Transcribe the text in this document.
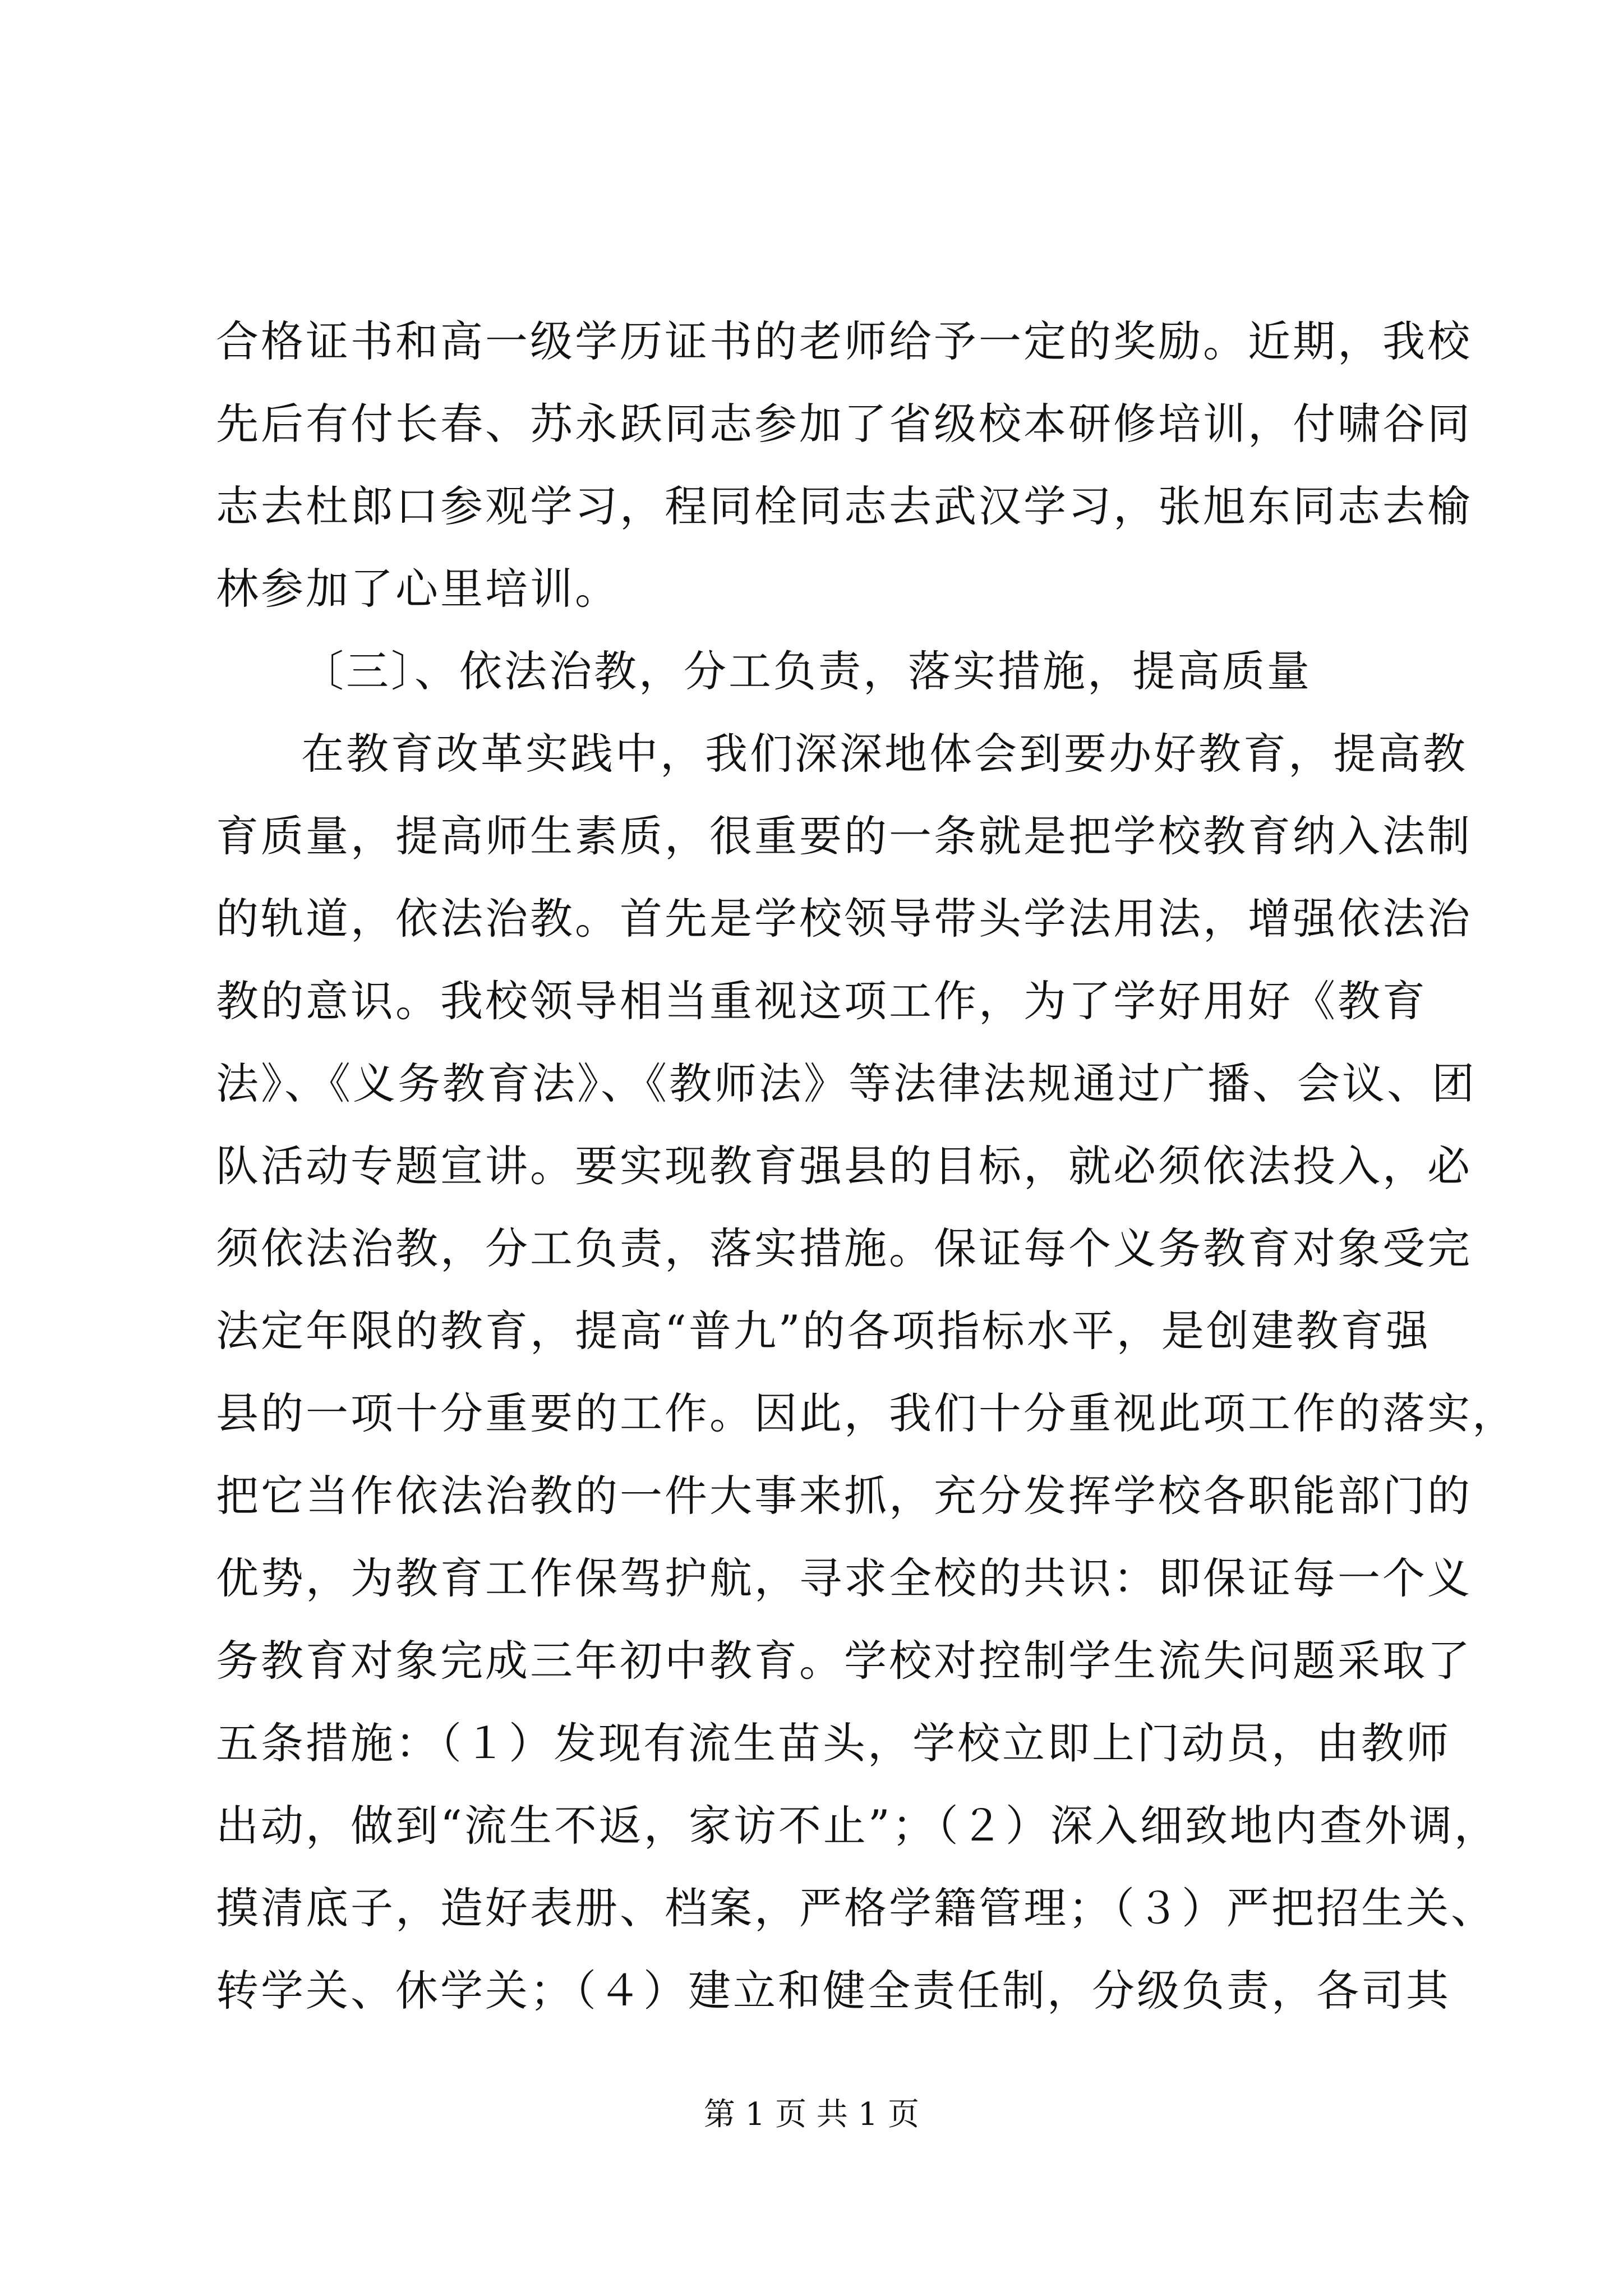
合格证书和高一级学历证书的老师给予一定的奖励。近期，我校
先后有付长春、苏永跃同志参加了省级校本研修培训，付啸谷同
志去杜郎口参观学习，程同栓同志去武汉学习，张旭东同志去榆
林参加了心里培训。
〔三〕、依法治教，分工负责，落实措施，提高质量
在教育改革实践中，我们深深地体会到要办好教育，提高教
育质量，提高师生素质，很重要的一条就是把学校教育纳入法制
的轨道，依法治教。首先是学校领导带头学法用法，增强依法治
教的意识。我校领导相当重视这项工作，为了学好用好《教育
法》、《义务教育法》、《教师法》等法律法规通过广播、会议、团
队活动专题宣讲。要实现教育强县的目标，就必须依法投入，必
须依法治教，分工负责，落实措施。保证每个义务教育对象受完
法定年限的教育，提高“普九”的各项指标水平，是创建教育强
县的一项十分重要的工作。因此，我们十分重视此项工作的落实，
把它当作依法治教的一件大事来抓，充分发挥学校各职能部门的
优势，为教育工作保驾护航，寻求全校的共识：即保证每一个义
务教育对象完成三年初中教育。学校对控制学生流失问题采取了
五条措施：（１）发现有流生苗头，学校立即上门动员，由教师
出动，做到“流生不返，家访不止”；（２）深入细致地内查外调，
摸清底子，造好表册、档案，严格学籍管理；（３）严把招生关、
转学关、休学关；（４）建立和健全责任制，分级负责，各司其
第 1 页 共 1 页
